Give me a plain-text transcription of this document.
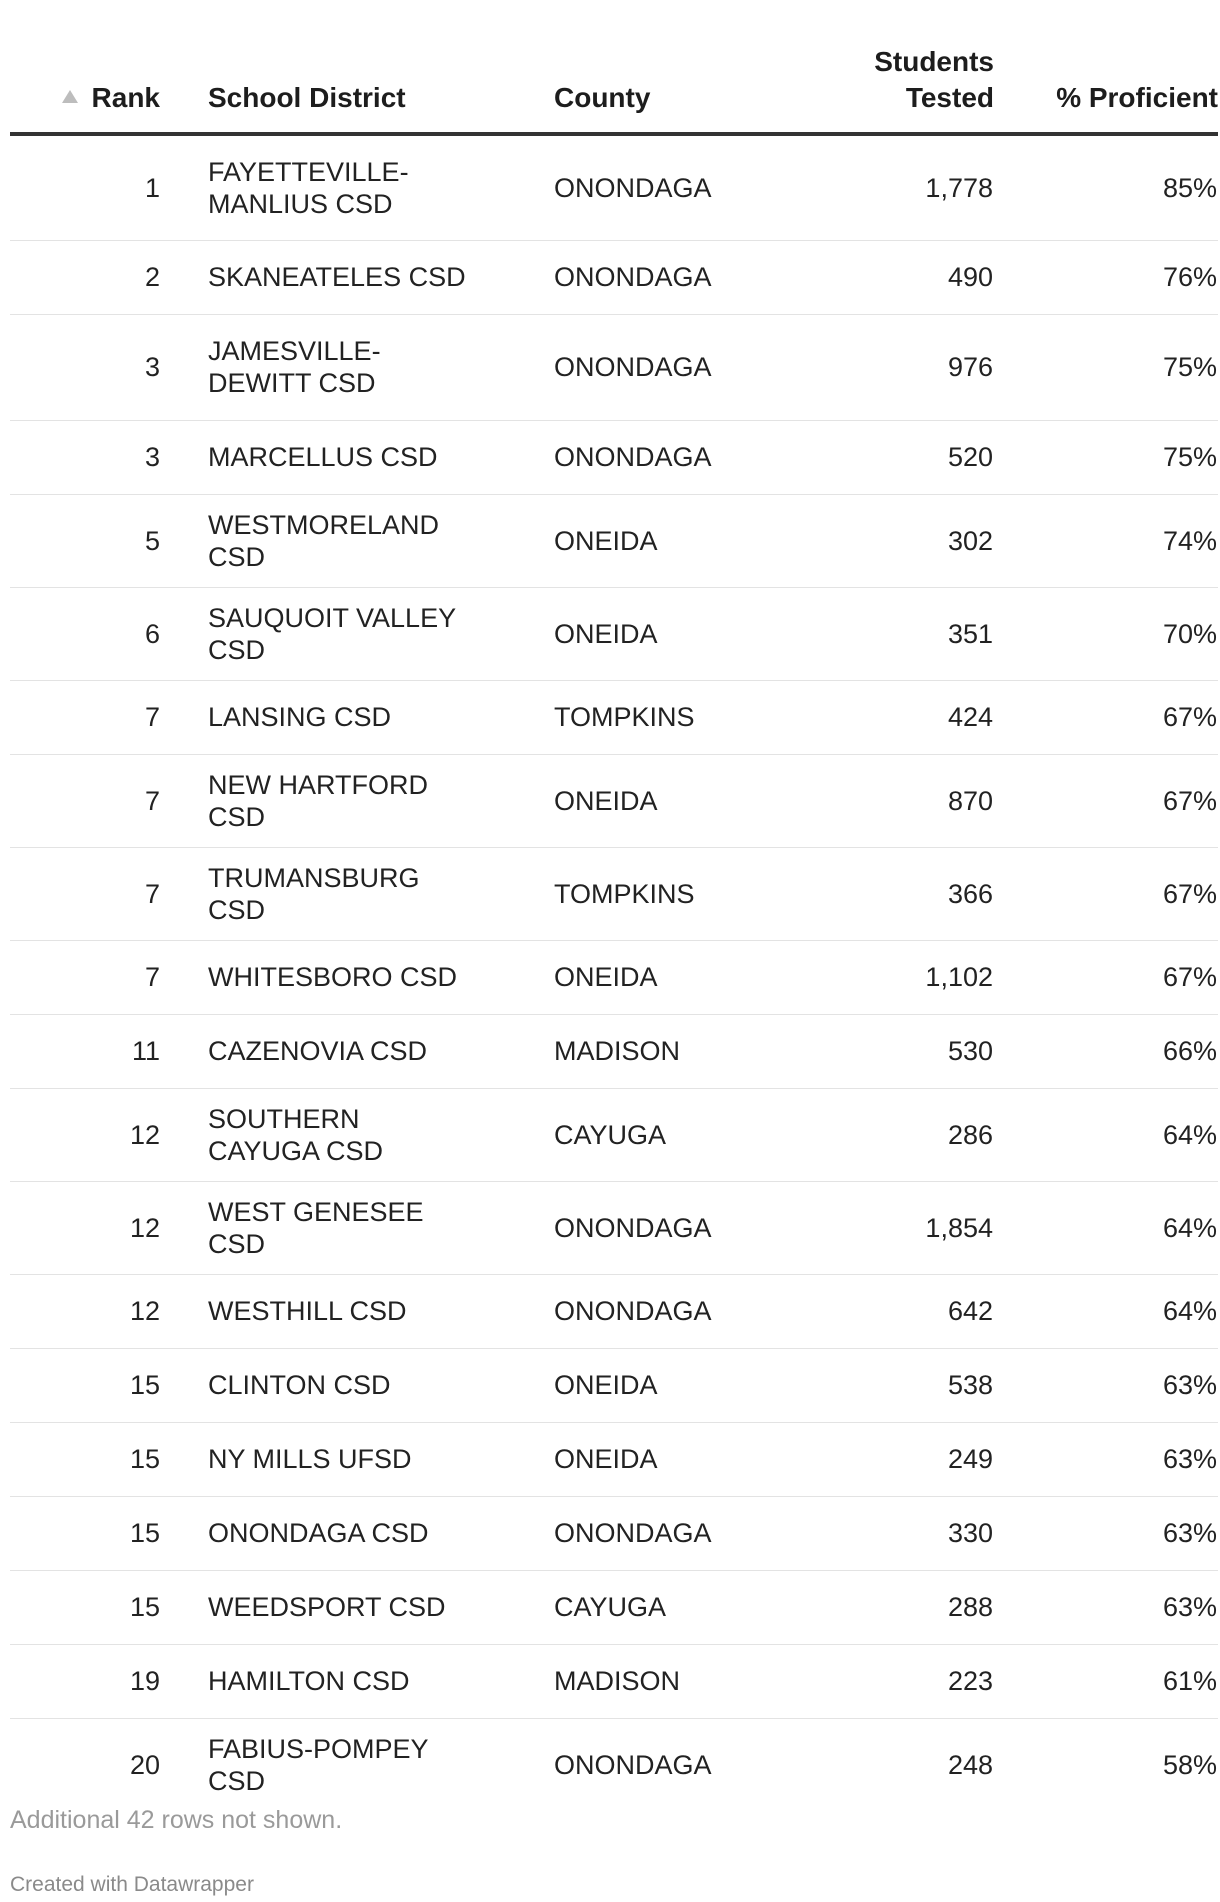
Rank	School District	County	Students Tested	% Proficient
1	FAYETTEVILLE-MANLIUS CSD	ONONDAGA	1,778	85%
2	SKANEATELES CSD	ONONDAGA	490	76%
3	JAMESVILLE-DEWITT CSD	ONONDAGA	976	75%
3	MARCELLUS CSD	ONONDAGA	520	75%
5	WESTMORELAND CSD	ONEIDA	302	74%
6	SAUQUOIT VALLEY CSD	ONEIDA	351	70%
7	LANSING CSD	TOMPKINS	424	67%
7	NEW HARTFORD CSD	ONEIDA	870	67%
7	TRUMANSBURG CSD	TOMPKINS	366	67%
7	WHITESBORO CSD	ONEIDA	1,102	67%
11	CAZENOVIA CSD	MADISON	530	66%
12	SOUTHERN CAYUGA CSD	CAYUGA	286	64%
12	WEST GENESEE CSD	ONONDAGA	1,854	64%
12	WESTHILL CSD	ONONDAGA	642	64%
15	CLINTON CSD	ONEIDA	538	63%
15	NY MILLS UFSD	ONEIDA	249	63%
15	ONONDAGA CSD	ONONDAGA	330	63%
15	WEEDSPORT CSD	CAYUGA	288	63%
19	HAMILTON CSD	MADISON	223	61%
20	FABIUS-POMPEY CSD	ONONDAGA	248	58%
Additional 42 rows not shown.
Created with Datawrapper
